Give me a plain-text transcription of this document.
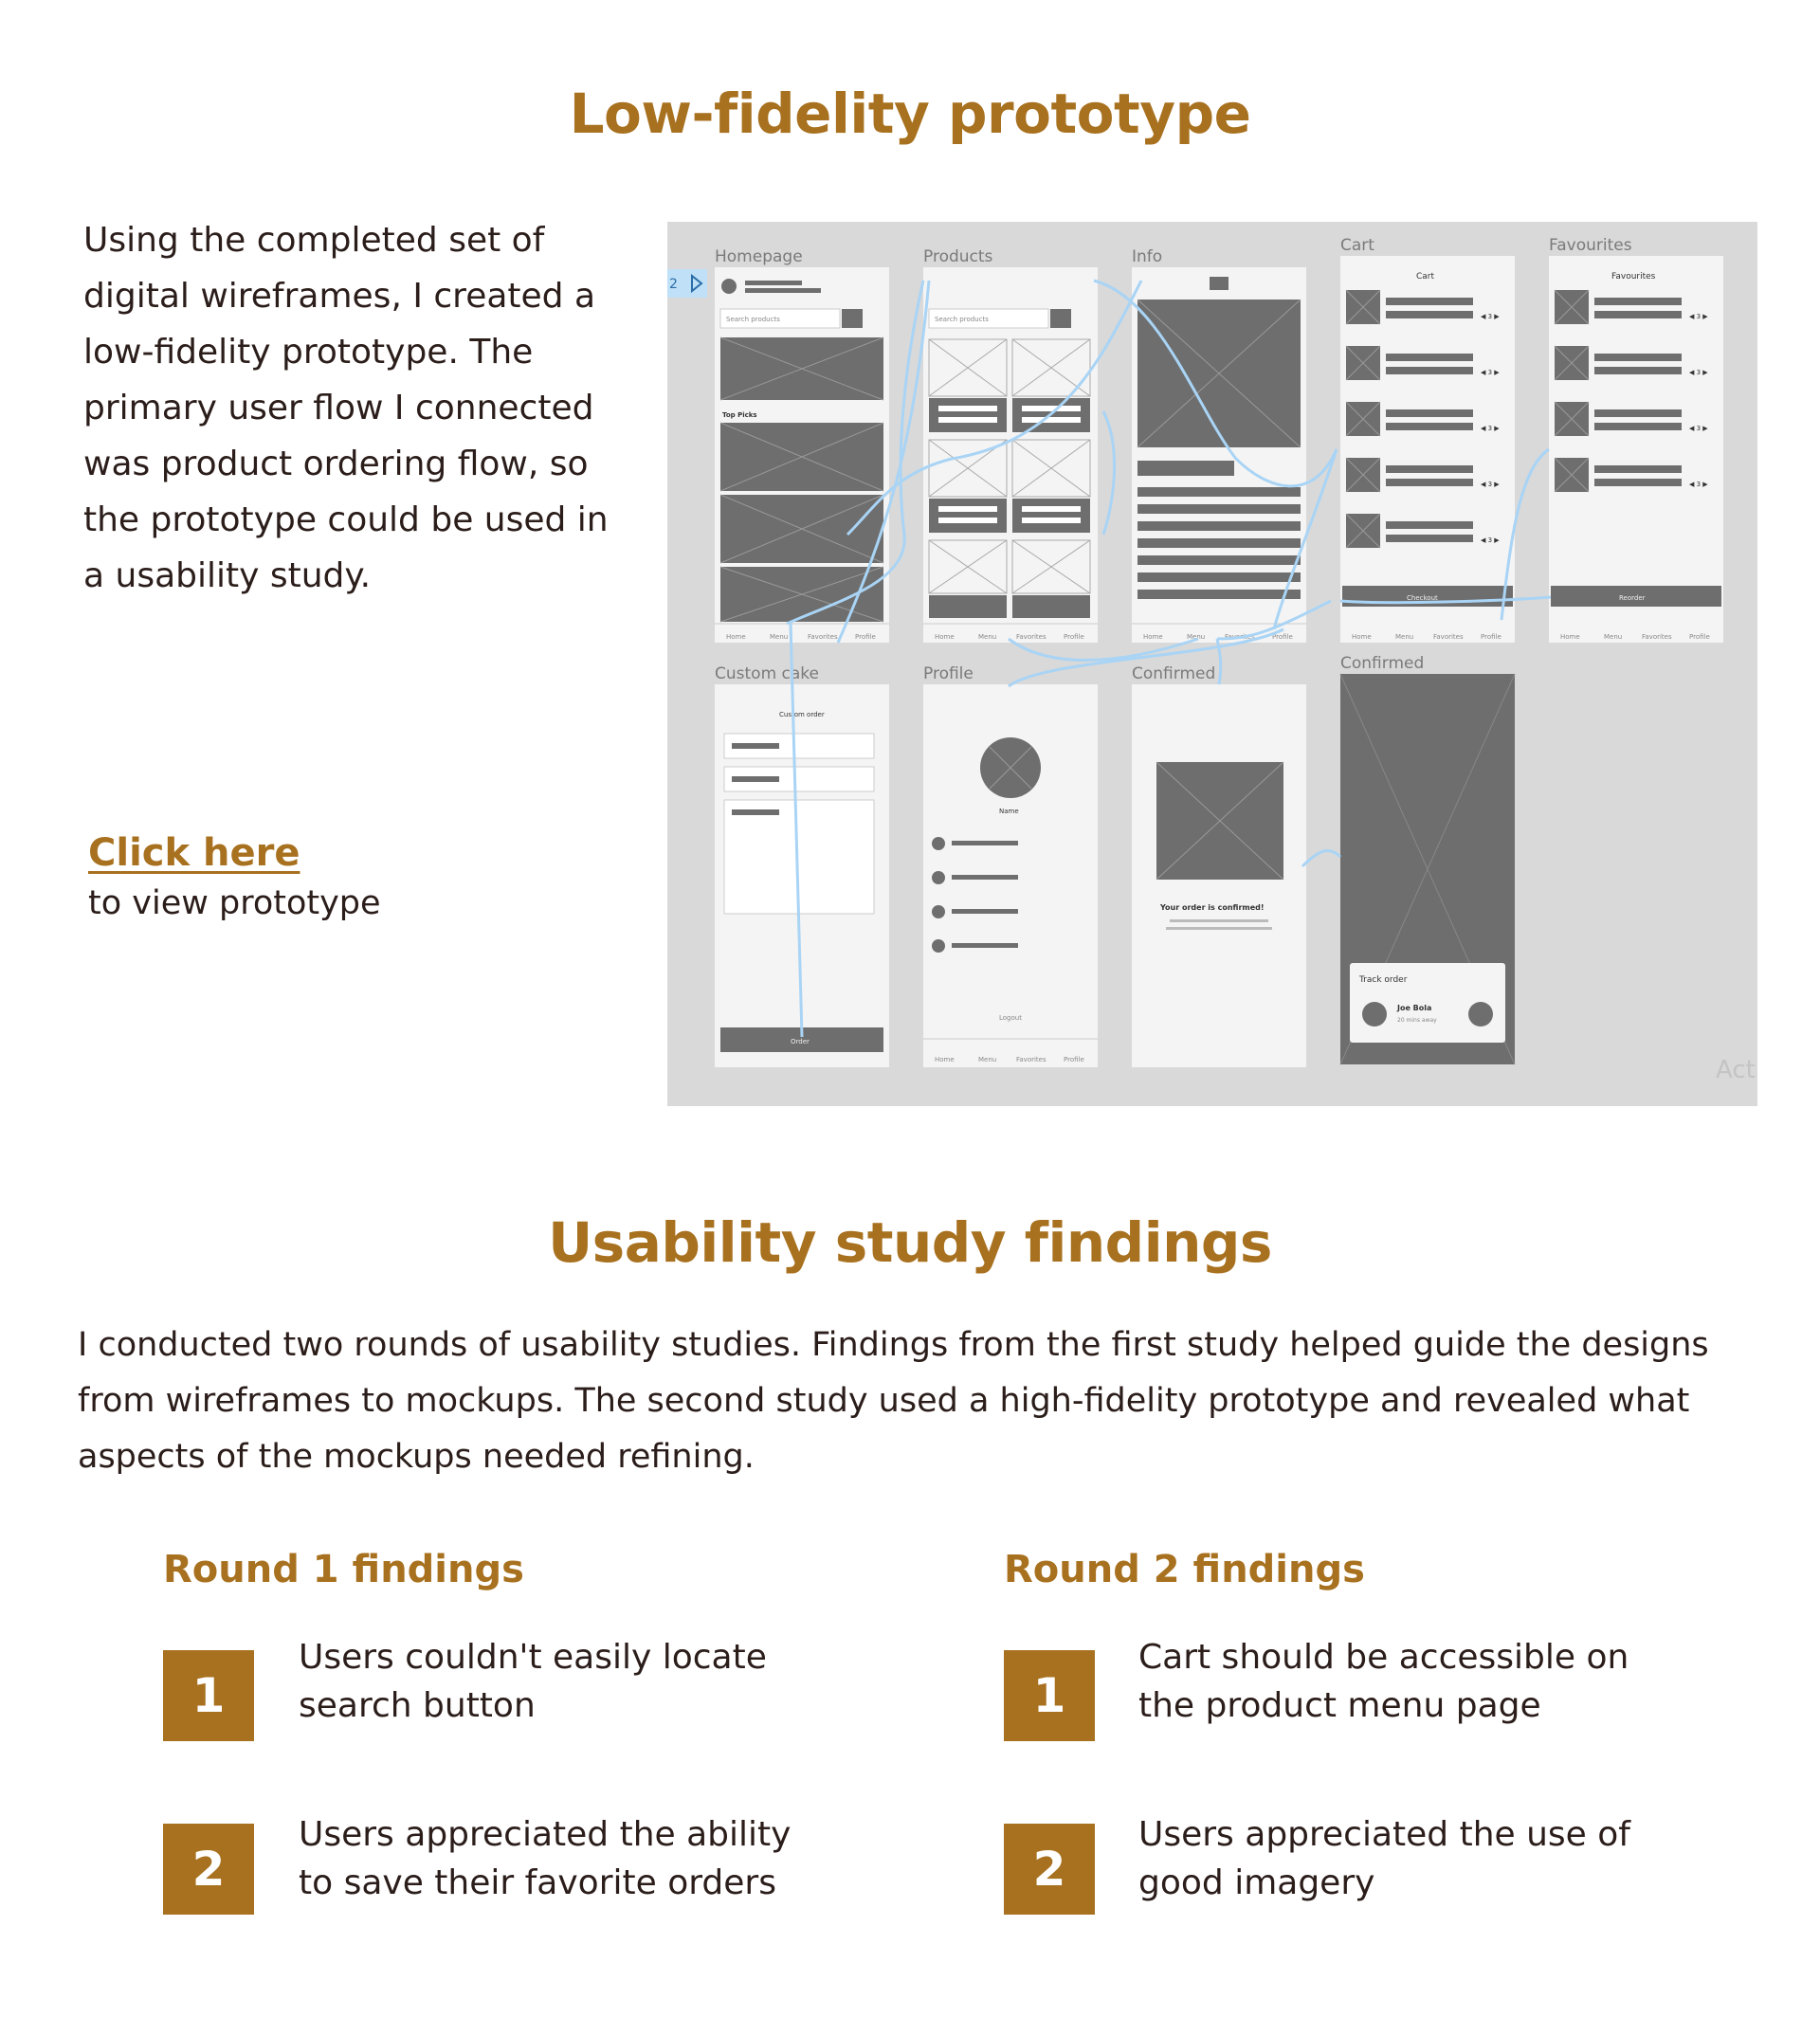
Low-fidelity prototype

Using the completed set of digital wireframes, I created a low-fidelity prototype. The primary user flow I connected was product ordering flow, so the prototype could be used in a usability study.

Click here
to view prototype
Homepage	Products	Info
Cart	Favourites
Custom cake	Profile	Confirmed
Confirmed
2
Search products
Top Picks
Home	Menu	Favorites	Profile
Search products
Home	Menu	Favorites	Profile	Home	Menu	Favorites	Profile
Cart
◀ 3 ▶
◀ 3 ▶
◀ 3 ▶
◀ 3 ▶
◀ 3 ▶
Checkout
Home	Menu	Favorites	Profile
Favourites
◀ 3 ▶
◀ 3 ▶
◀ 3 ▶
◀ 3 ▶
Reorder
Home	Menu	Favorites	Profile
Custom order
Order
Name
Logout
Home	Menu	Favorites	Profile
Your order is confirmed!
Track order
Joe Bola
20 mins away
Act
Usability study findings

I conducted two rounds of usability studies. Findings from the first study helped guide the designs from wireframes to mockups. The second study used a high-fidelity prototype and revealed what aspects of the mockups needed refining.

Round 1 findings	Round 2 findings
1

Users couldn't easily locate search button

2

Users appreciated the ability to save their favorite orders

1

Cart should be accessible on the product menu page

2

Users appreciated the use of good imagery
